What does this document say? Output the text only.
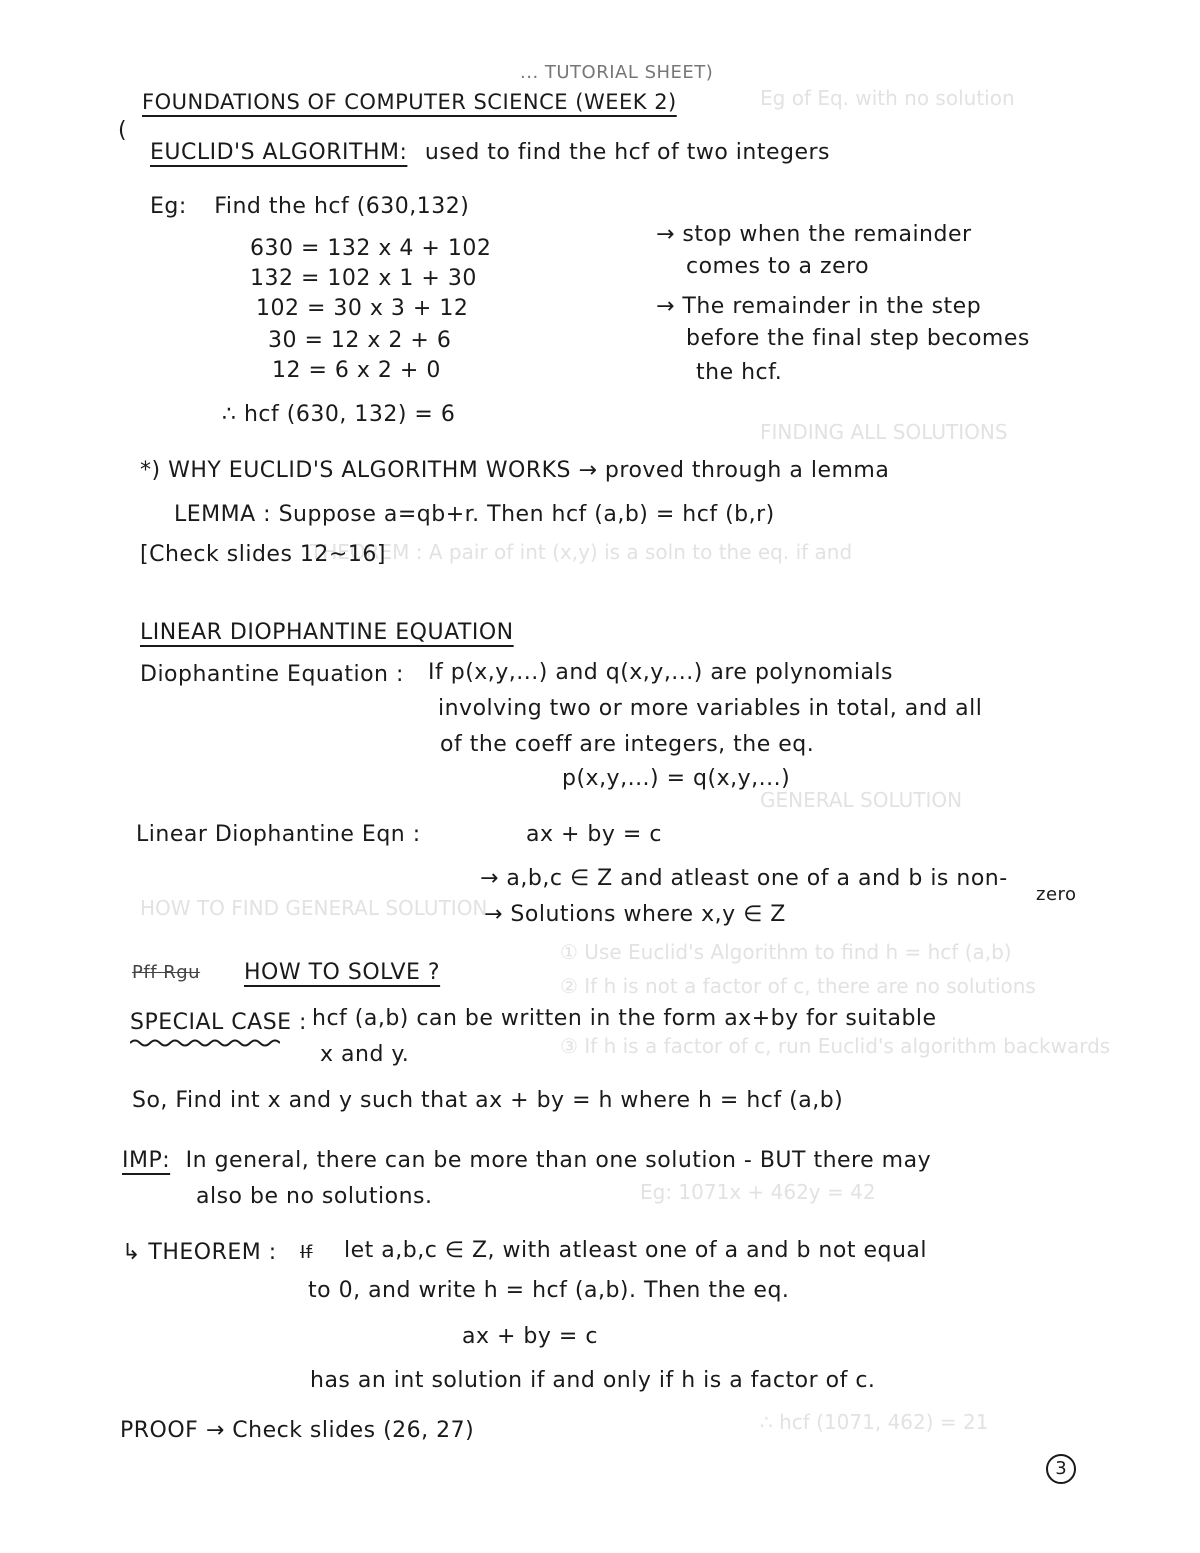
Eg of Eq. with no solution
FINDING ALL SOLUTIONS
THEOREM : A pair of int (x,y) is a soln to the eq. if and
GENERAL SOLUTION
HOW TO FIND GENERAL SOLUTION
① Use Euclid's Algorithm to find h = hcf (a,b)
② If h is not a factor of c, there are no solutions
③ If h is a factor of c, run Euclid's algorithm backwards
Eg: 1071x + 462y = 42
∴ hcf (1071, 462) = 21
... TUTORIAL SHEET)
FOUNDATIONS OF COMPUTER SCIENCE (WEEK 2)
(
EUCLID'S ALGORITHM: used to find the hcf of two integers
Eg: Find the hcf (630,132)
630 = 132 x 4 + 102
132 = 102 x 1 + 30
102 = 30 x 3 + 12
30 = 12 x 2 + 6
12 = 6 x 2 + 0
∴ hcf (630, 132) = 6
→ stop when the remainder
comes to a zero
→ The remainder in the step
before the final step becomes
the hcf.
*) WHY EUCLID'S ALGORITHM WORKS → proved through a lemma
LEMMA : Suppose a=qb+r. Then hcf (a,b) = hcf (b,r)
[Check slides 12~16]
LINEAR DIOPHANTINE EQUATION
Diophantine Equation : If p(x,y,...) and q(x,y,...) are polynomials
involving two or more variables in total, and all
of the coeff are integers, the eq.
p(x,y,...) = q(x,y,...)
Linear Diophantine Eqn :	ax + by = c
→ a,b,c ∈ Z and atleast one of a and b is non-
zero
→ Solutions where x,y ∈ Z
Pff Rgu HOW TO SOLVE ?
SPECIAL CASE : hcf (a,b) can be written in the form ax+by for suitable
x and y.
So, Find int x and y such that ax + by = h where h = hcf (a,b)
IMP: In general, there can be more than one solution - BUT there may
also be no solutions.
↳ THEOREM : If let a,b,c ∈ Z, with atleast one of a and b not equal
to 0, and write h = hcf (a,b). Then the eq.
ax + by = c
has an int solution if and only if h is a factor of c.
PROOF → Check slides (26, 27)
3
